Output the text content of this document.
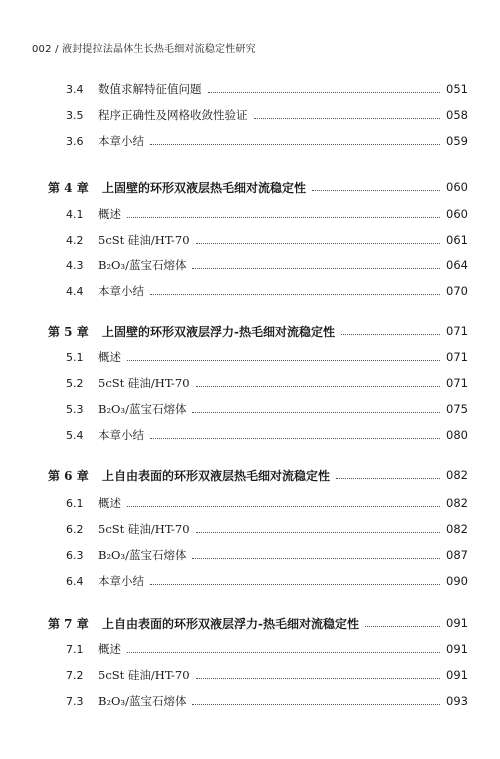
002 / 液封提拉法晶体生长热毛细对流稳定性研究
3.4 数值求解特征值问题	051
3.5 程序正确性及网格收敛性验证	058
3.6 本章小结	059
第 4 章 上固壁的环形双液层热毛细对流稳定性	060
4.1 概述	060
4.2 5cSt 硅油/HT-70	061
4.3 B₂O₃/蓝宝石熔体	064
4.4 本章小结	070
第 5 章 上固壁的环形双液层浮力-热毛细对流稳定性	071
5.1 概述	071
5.2 5cSt 硅油/HT-70	071
5.3 B₂O₃/蓝宝石熔体	075
5.4 本章小结	080
第 6 章 上自由表面的环形双液层热毛细对流稳定性	082
6.1 概述	082
6.2 5cSt 硅油/HT-70	082
6.3 B₂O₃/蓝宝石熔体	087
6.4 本章小结	090
第 7 章 上自由表面的环形双液层浮力-热毛细对流稳定性	091
7.1 概述	091
7.2 5cSt 硅油/HT-70	091
7.3 B₂O₃/蓝宝石熔体	093
